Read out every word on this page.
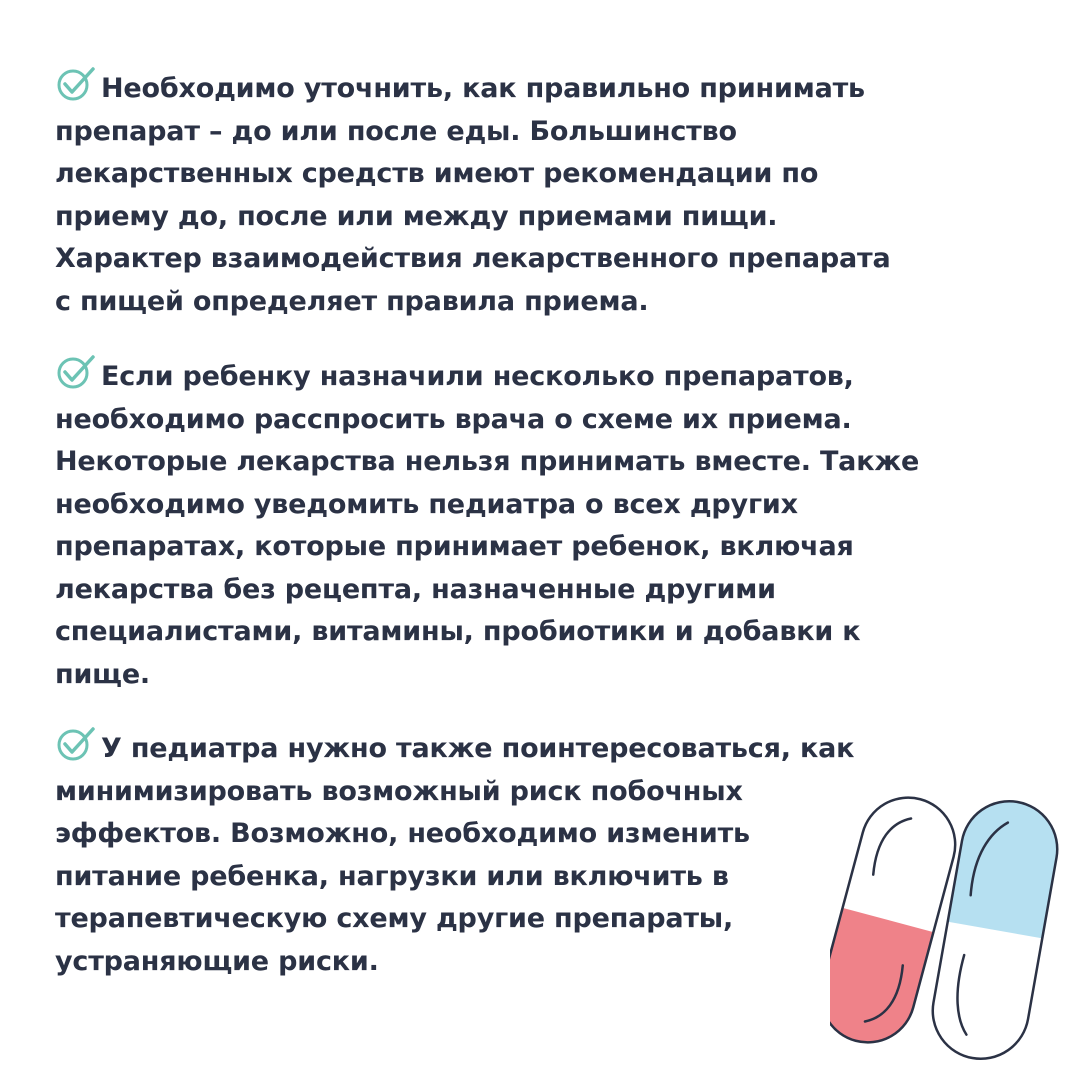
Необходимо уточнить, как правильно принимать
препарат – до или после еды. Большинство
лекарственных средств имеют рекомендации по
приему до, после или между приемами пищи.
Характер взаимодействия лекарственного препарата
с пищей определяет правила приема.

Если ребенку назначили несколько препаратов,
необходимо расспросить врача о схеме их приема.
Некоторые лекарства нельзя принимать вместе. Также
необходимо уведомить педиатра о всех других
препаратах, которые принимает ребенок, включая
лекарства без рецепта, назначенные другими
специалистами, витамины, пробиотики и добавки к
пище.

У педиатра нужно также поинтересоваться, как
минимизировать возможный риск побочных
эффектов. Возможно, необходимо изменить
питание ребенка, нагрузки или включить в
терапевтическую схему другие препараты,
устраняющие риски.
